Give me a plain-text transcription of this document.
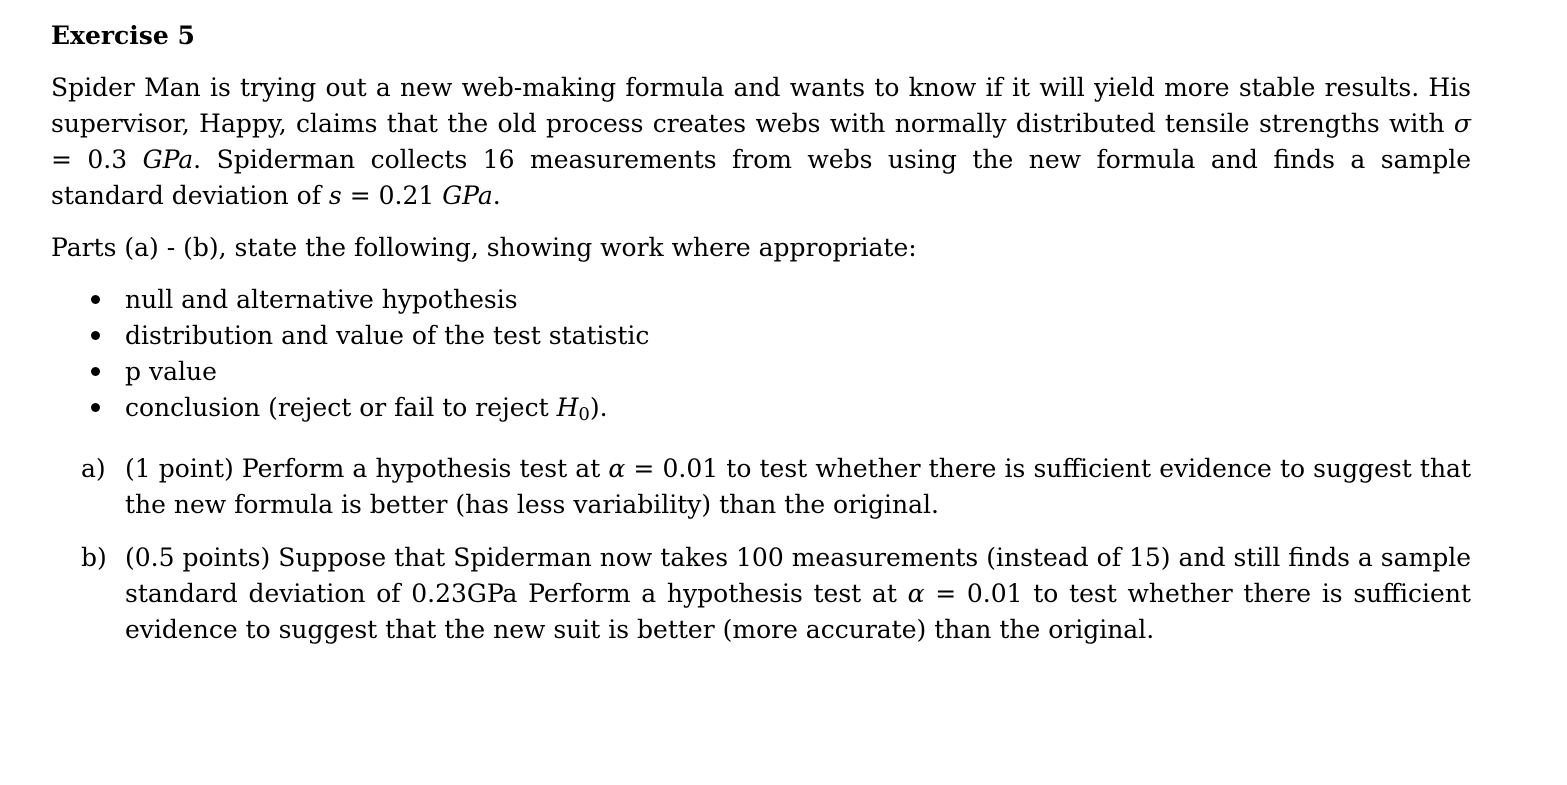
Exercise 5

Spider Man is trying out a new web-making formula and wants to know if it will yield more stable results. His supervisor, Happy, claims that the old process creates webs with normally distributed tensile strengths with σ = 0.3 GPa. Spiderman collects 16 measurements from webs using the new formula and finds a sample standard deviation of s = 0.21 GPa.

Parts (a) - (b), state the following, showing work where appropriate:

null and alternative hypothesis
distribution and value of the test statistic
p value
conclusion (reject or fail to reject $H_0$).
a) (1 point) Perform a hypothesis test at α = 0.01 to test whether there is sufficient evidence to suggest that the new formula is better (has less variability) than the original.
b) (0.5 points) Suppose that Spiderman now takes 100 measurements (instead of 15) and still finds a sample standard deviation of 0.23GPa Perform a hypothesis test at α = 0.01 to test whether there is sufficient evidence to suggest that the new suit is better (more accurate) than the original.
